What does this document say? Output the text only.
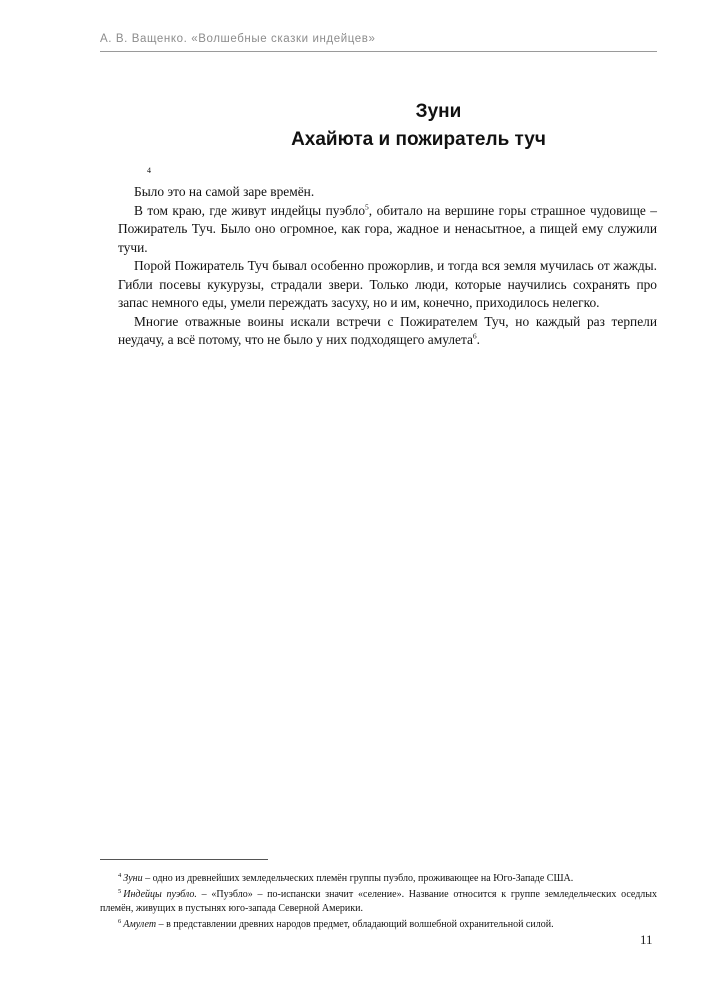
А. В. Ващенко. «Волшебные сказки индейцев»
Зуни
Ахайюта и пожиратель туч
4

Было это на самой заре времён.

В том краю, где живут индейцы пуэбло$^5$, обитало на вершине горы страшное чудовище – Пожиратель Туч. Было оно огромное, как гора, жадное и ненасытное, а пищей ему служили тучи.

Порой Пожиратель Туч бывал особенно прожорлив, и тогда вся земля мучилась от жажды. Гибли посевы кукурузы, страдали звери. Только люди, которые научились сохранять про запас немного еды, умели переждать засуху, но и им, конечно, приходилось нелегко.

Многие отважные воины искали встречи с Пожирателем Туч, но каждый раз терпели неудачу, а всё потому, что не было у них подходящего амулета$^6$.

$^4$ Зуни – одно из древнейших земледельческих племён группы пуэбло, проживающее на Юго-Западе США.

$^5$ Индейцы пуэбло. – «Пуэбло» – по-испански значит «селение». Название относится к группе земледельческих оседлых племён, живущих в пустынях юго-запада Северной Америки.

$^6$ Амулет – в представлении древних народов предмет, обладающий волшебной охранительной силой.

11
